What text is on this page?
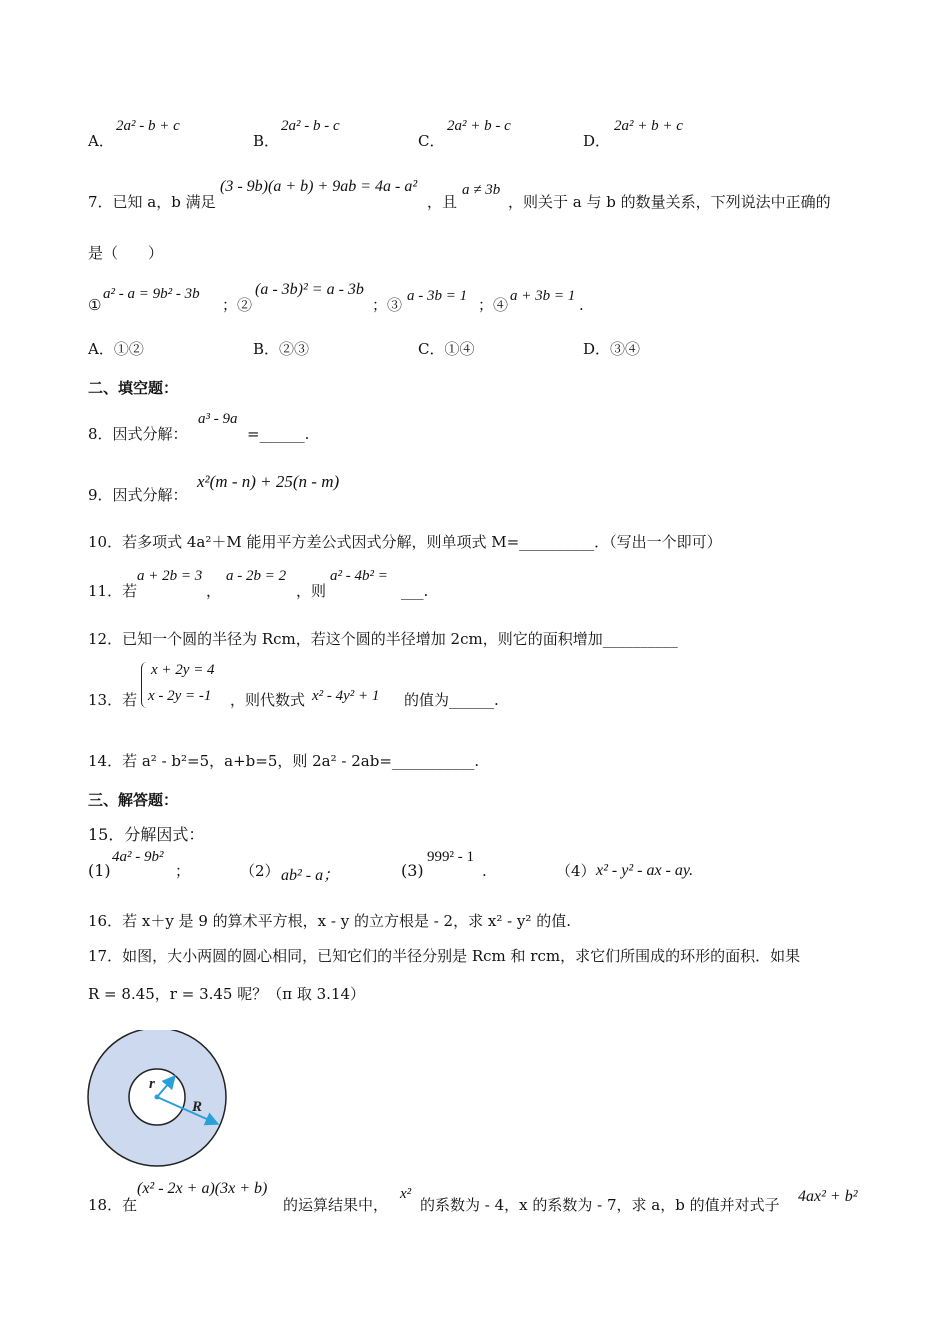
A．
2a² - b + c
B．
2a² - b - c
C．
2a² + b - c
D．
2a² + b + c
7．已知 a，b 满足
(3 - 9b)(a + b) + 9ab = 4a - a²
，且
a ≠ 3b
，则关于 a 与 b 的数量关系，下列说法中正确的
是（　　）
①
a² - a = 9b² - 3b
；②
(a - 3b)² = a - 3b
；③ a - 3b = 1 ；④ a + 3b = 1 .
A．①②	B．②③	C．①④	D．③④
二、填空题：
8．因式分解：
a³ - 9a
=______.
9．因式分解：
x²(m - n) + 25(n - m)
10．若多项式 4a²＋M 能用平方差公式因式分解，则单项式 M=__________．（写出一个即可）
11．若
a + 2b = 3
，
a - 2b = 2
，则
a² - 4b² =
___.
12．已知一个圆的半径为 Rcm，若这个圆的半径增加 2cm，则它的面积增加__________
13．若
x + 2y = 4
x - 2y = -1 ，则代数式 x² - 4y² + 1 的值为______.
14．若 a² - b²=5，a+b=5，则 2a² - 2ab=___________.
三、解答题：
15．分解因式：
(1)
4a² - 9b²
；	（2） ab² - a；	(3)
999² - 1
.	（4） x² - y² - ax - ay.
16．若 x＋y 是 9 的算术平方根，x - y 的立方根是 - 2，求 x² - y² 的值.
17．如图，大小两圆的圆心相同，已知它们的半径分别是 Rcm 和 rcm，求它们所围成的环形的面积．如果
R = 8.45，r = 3.45 呢？（π 取 3.14）
r
R
18．在
(x² - 2x + a)(3x + b)
的运算结果中，
x²
的系数为 - 4，x 的系数为 - 7，求 a，b 的值并对式子 4ax² + b²
